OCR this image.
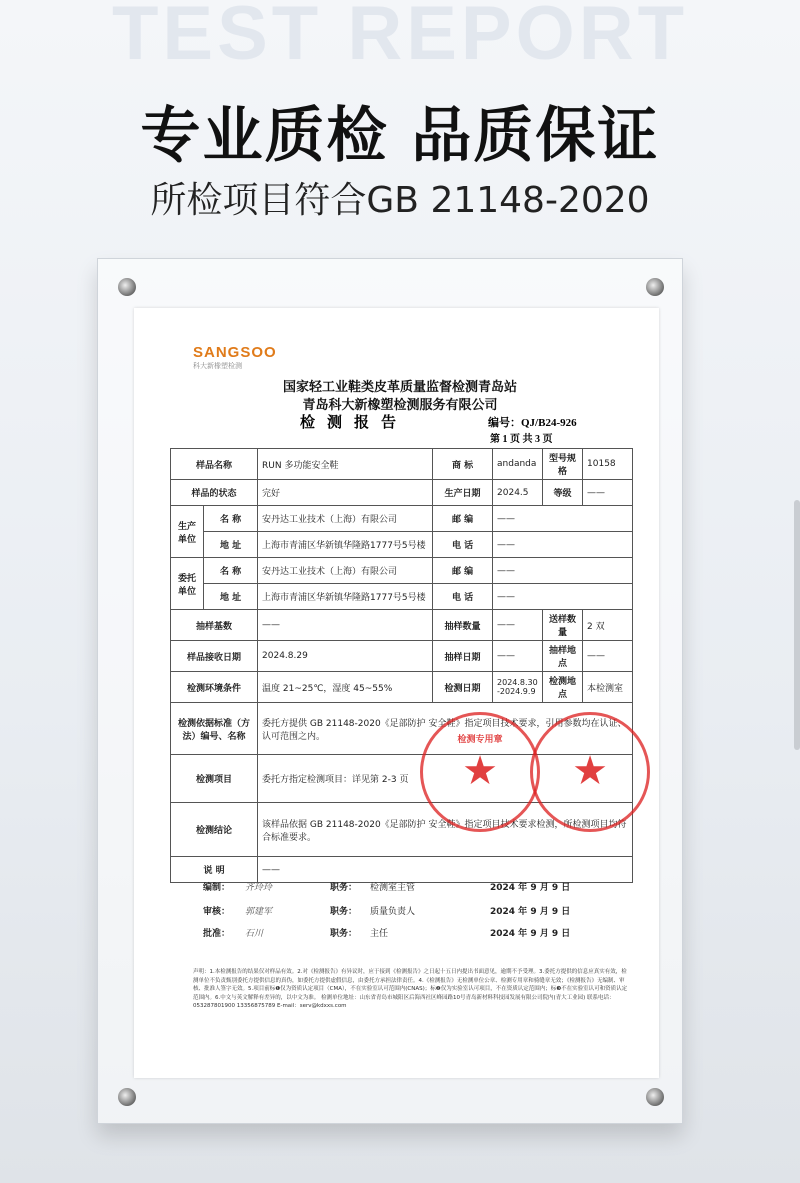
TEST REPORT
专业质检 品质保证
所检项目符合GB 21148-2020
SANGSOO
科大新橡塑检测
国家轻工业鞋类皮革质量监督检测青岛站
青岛科大新橡塑检测服务有限公司
检测报告	编号：QJ/B24-926
第 1 页 共 3 页
样品名称		RUN 多功能安全鞋	商 标	andanda	型号规格	10158
样品的状态		完好	生产日期	2024.5	等级	——
生产单位	名 称	安丹达工业技术（上海）有限公司	邮 编	——		
	地 址	上海市青浦区华新镇华隆路1777号5号楼	电 话	——		
委托单位	名 称	安丹达工业技术（上海）有限公司	邮 编	——		
	地 址	上海市青浦区华新镇华隆路1777号5号楼	电 话	——		
抽样基数		——	抽样数量	——	送样数量	2 双
样品接收日期		2024.8.29	抽样日期	——	抽样地点	——
检测环境条件		温度 21~25℃，湿度 45~55%	检测日期	2024.8.30-2024.9.9	检测地点	本检测室
检测依据标准（方法）编号、名称		委托方提供 GB 21148-2020《足部防护 安全鞋》指定项目技术要求，引用参数均在认证、认可范围之内。				
检测项目		委托方指定检测项目：详见第 2-3 页				
检测结论		该样品依据 GB 21148-2020《足部防护 安全鞋》指定项目技术要求检测，所检测项目均符合标准要求。				
说 明		——				
检测专用章
★	★
编制： 齐玲玲	职务： 检测室主管	2024 年 9 月 9 日
审核： 郭建军	职务： 质量负责人	2024 年 9 月 9 日
批准： 石川	职务： 主任	2024 年 9 月 9 日
声明：1.本检测报告的结果仅对样品有效。2.对《检测报告》有异议时，应于接到《检测报告》之日起十五日内提出书面意见，逾期不予受理。3.委托方提供的信息应真实有效，检测单位不负责甄别委托方提供信息的真伪，如委托方提供虚假信息，由委托方承担法律责任。4.《检测报告》无检测单位公章、检测专用章和骑缝章无效；《检测报告》无编制、审核、批准人签字无效。5.项目前标❶仅为资质认定项目（CMA），不在实验室认可范围内(CNAS)；标❷仅为实验室认可项目，不在资质认定范围内；标❸不在实验室认可和资质认定范围内。6.中文与英文解释有差异的，以中文为准。 检测单位地址：山东省青岛市城阳区后海西社区峰园路10号青岛新材料科技园发展有限公司院内(青大工业园) 联系电话：053287801900 13356875789 E-mail：serv@kdxxs.com
